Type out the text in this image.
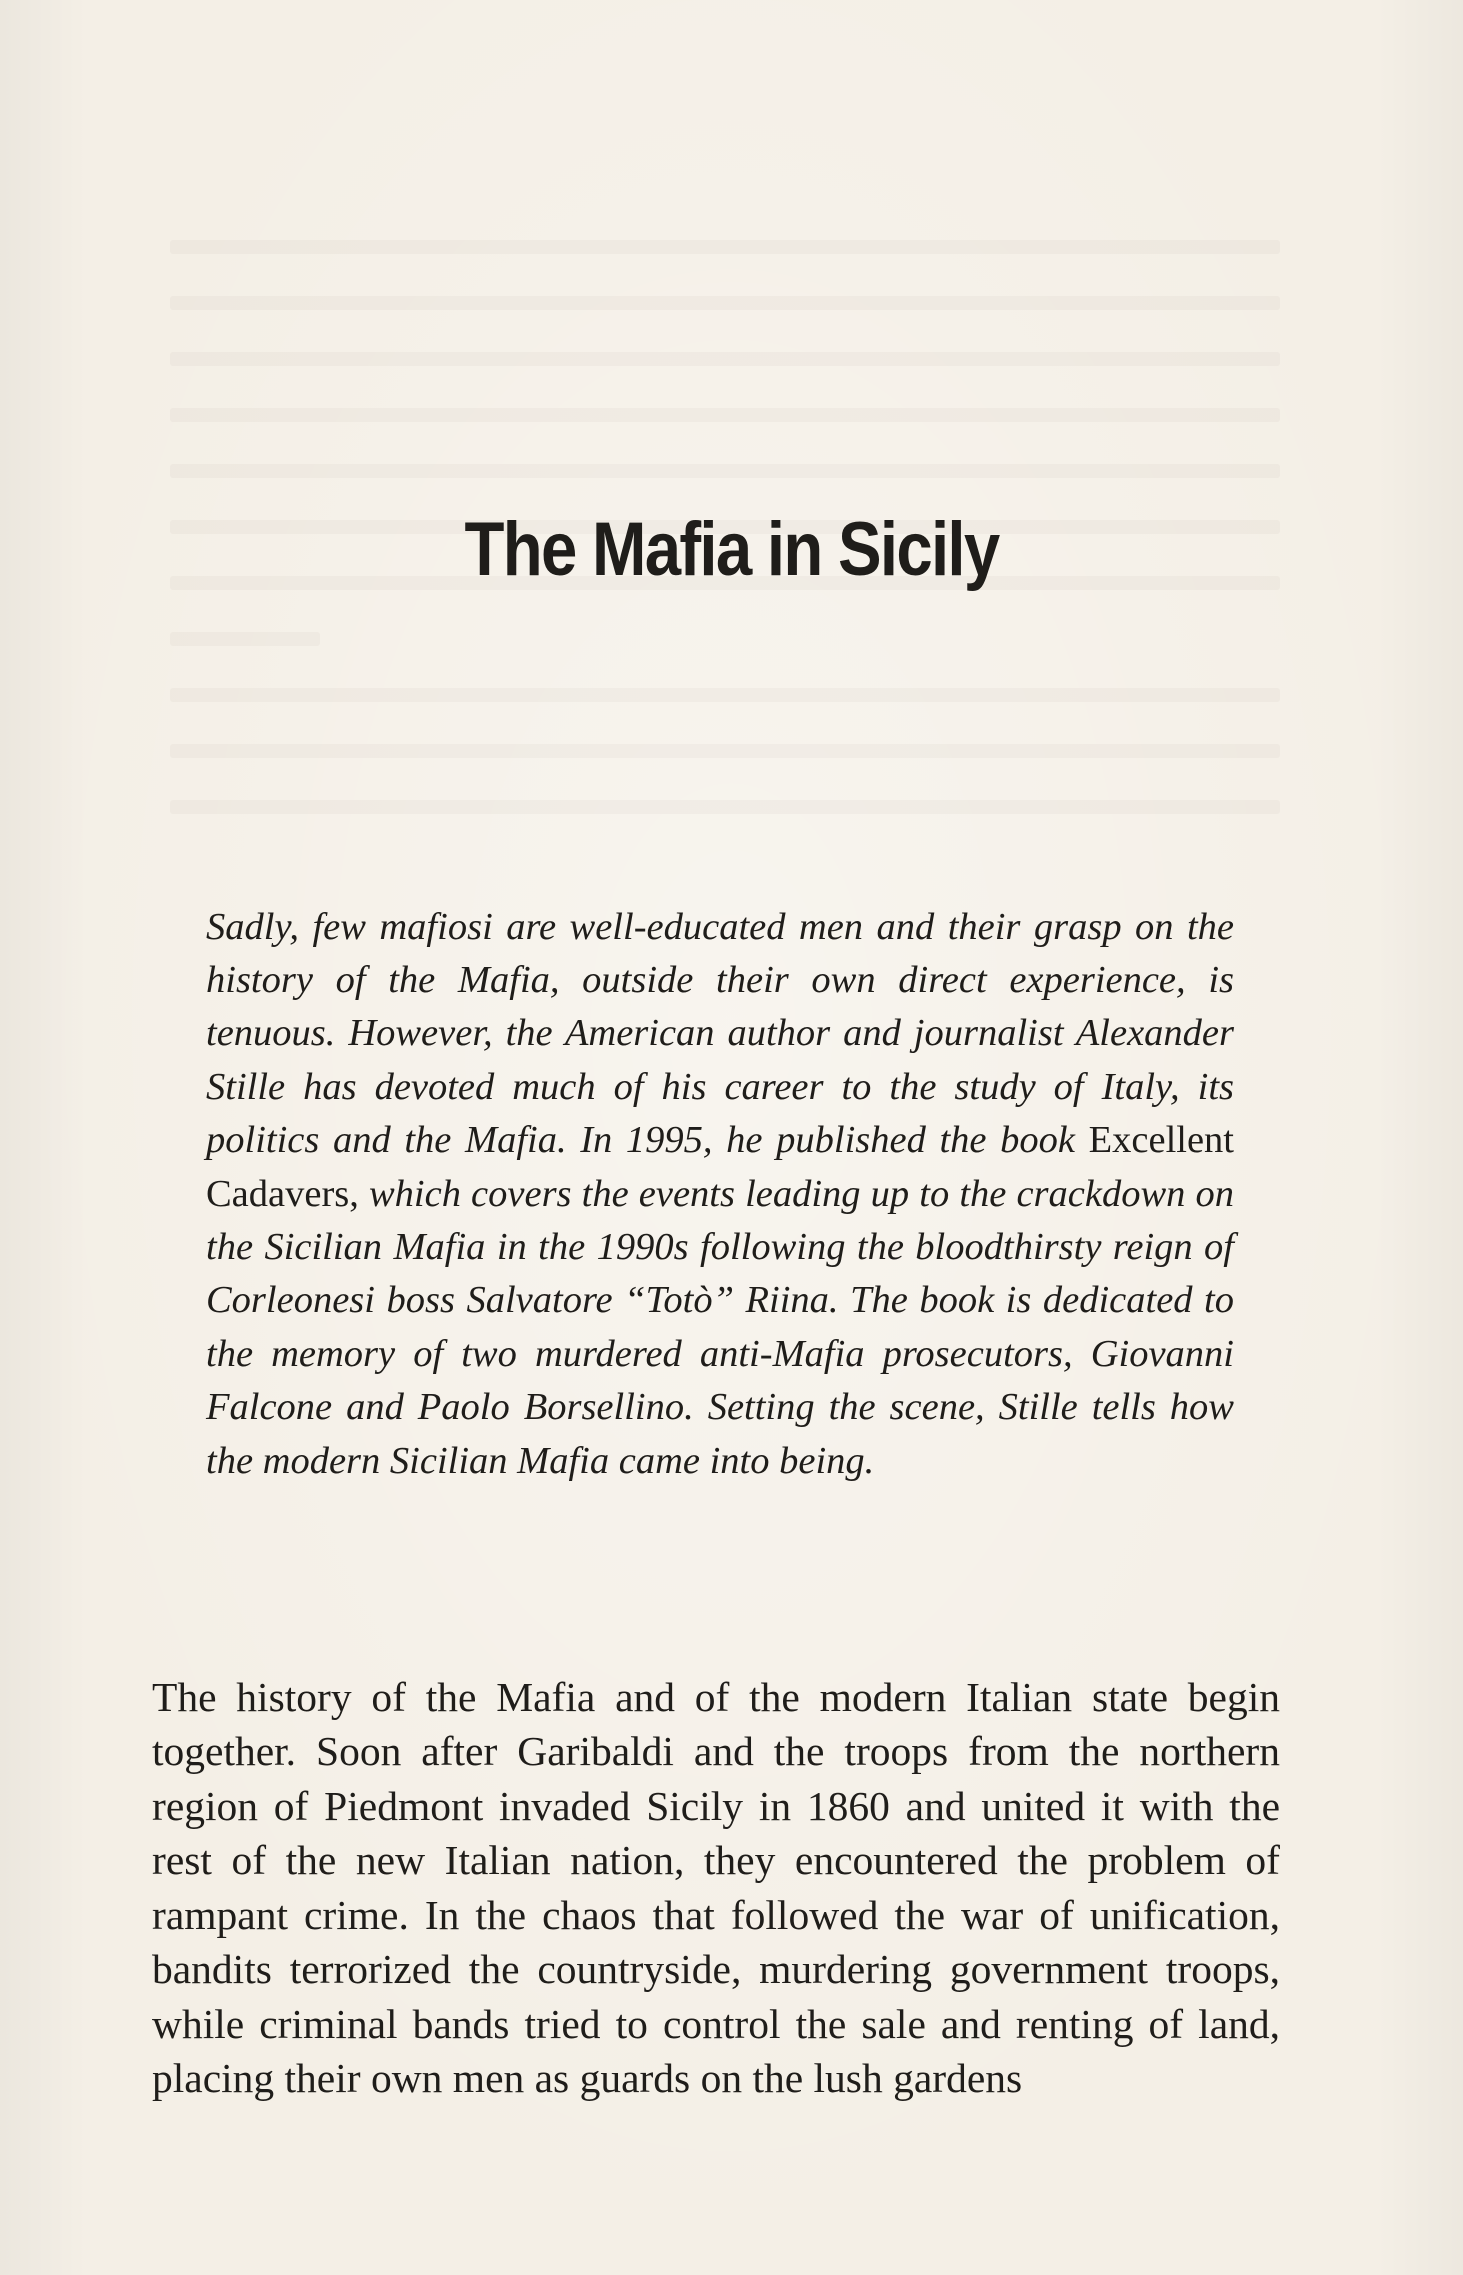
The Mafia in Sicily

Sadly, few mafiosi are well-educated men and their grasp on the history of the Mafia, outside their own direct experience, is tenuous. However, the American author and journalist Alexander Stille has devoted much of his career to the study of Italy, its politics and the Mafia. In 1995, he published the book Excellent Cadavers, which covers the events leading up to the crackdown on the Sicilian Mafia in the 1990s following the bloodthirsty reign of Corleonesi boss Salvatore “Totò” Riina. The book is dedicated to the memory of two murdered anti-Mafia prosecutors, Giovanni Falcone and Paolo Borsellino. Setting the scene, Stille tells how the modern Sicilian Mafia came into being.

The history of the Mafia and of the modern Italian state begin together. Soon after Garibaldi and the troops from the northern region of Piedmont invaded Sicily in 1860 and united it with the rest of the new Italian nation, they encountered the problem of rampant crime. In the chaos that followed the war of unification, bandits terrorized the countryside, murdering government troops, while criminal bands tried to control the sale and renting of land, placing their own men as guards on the lush gardens
